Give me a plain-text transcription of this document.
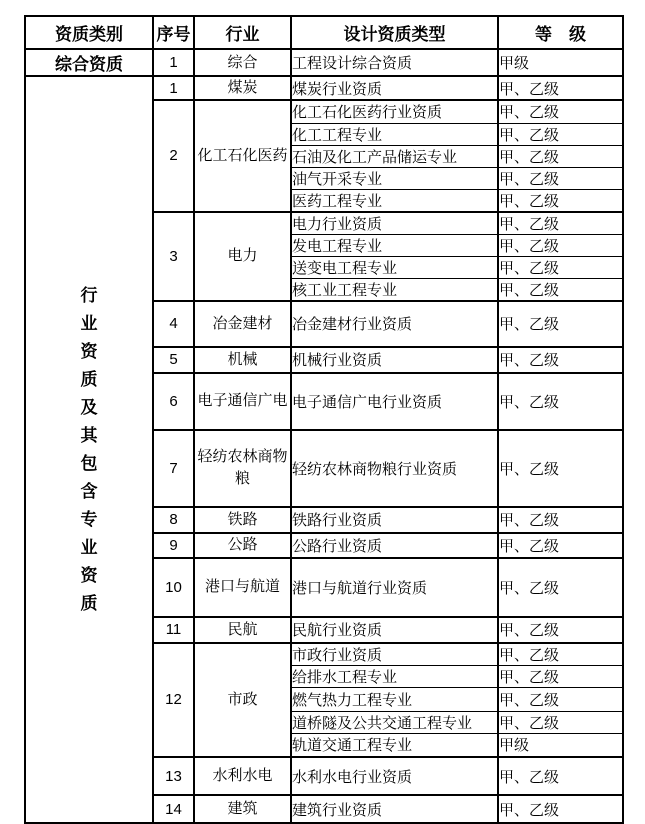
资质类别	序号	行业	设计资质类型	等　级
综合资质	1	综合	工程设计综合资质	甲级

行业资质及其包含专业资质	1	煤炭	煤炭行业资质	甲、乙级
	2	化工石化医药	化工石化医药行业资质	甲、乙级
			化工工程专业	甲、乙级
			石油及化工产品储运专业	甲、乙级
			油气开采专业	甲、乙级
			医药工程专业	甲、乙级
	3	电力	电力行业资质	甲、乙级
			发电工程专业	甲、乙级
			送变电工程专业	甲、乙级
			核工业工程专业	甲、乙级
	4	冶金建材	冶金建材行业资质	甲、乙级
	5	机械	机械行业资质	甲、乙级
	6	电子通信广电	电子通信广电行业资质	甲、乙级
	7	轻纺农林商物粮	轻纺农林商物粮行业资质	甲、乙级
	8	铁路	铁路行业资质	甲、乙级
	9	公路	公路行业资质	甲、乙级
	10	港口与航道	港口与航道行业资质	甲、乙级
	11	民航	民航行业资质	甲、乙级
	12	市政	市政行业资质	甲、乙级
			给排水工程专业	甲、乙级
			燃气热力工程专业	甲、乙级
			道桥隧及公共交通工程专业	甲、乙级
			轨道交通工程专业	甲级
	13	水利水电	水利水电行业资质	甲、乙级
	14	建筑	建筑行业资质	甲、乙级
